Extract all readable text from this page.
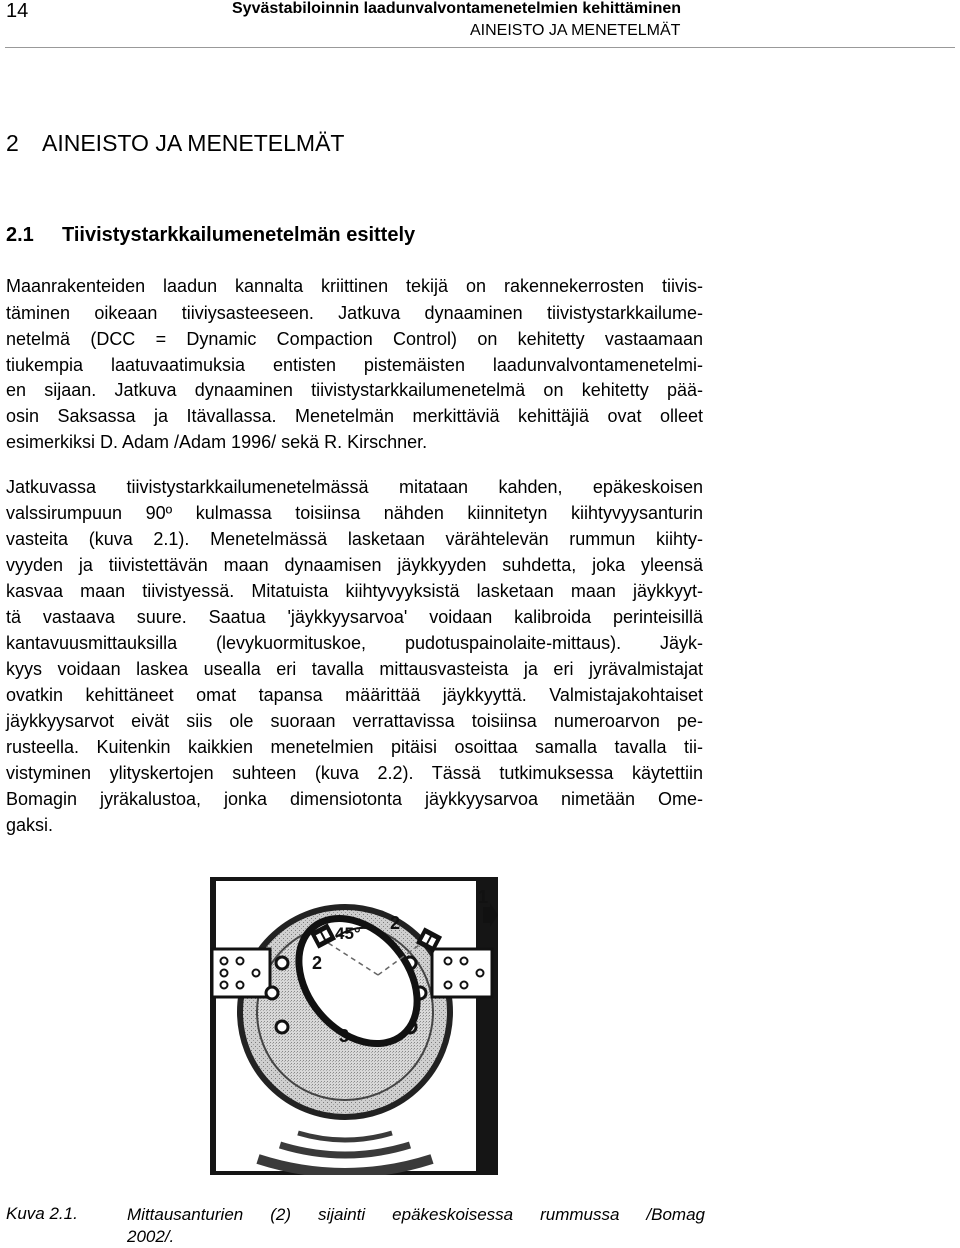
14	Syvästabiloinnin laadunvalvontamenetelmien kehittäminen
AINEISTO JA MENETELMÄT
2 AINEISTO JA MENETELMÄT
2.1 Tiivistystarkkailumenetelmän esittely
Maanrakenteiden laadun kannalta kriittinen tekijä on rakennekerrosten tiivis-
täminen oikeaan tiiviysasteeseen. Jatkuva dynaaminen tiivistystarkkailume-
netelmä (DCC = Dynamic Compaction Control) on kehitetty vastaamaan
tiukempia laatuvaatimuksia entisten pistemäisten laadunvalvontamenetelmi-
en sijaan. Jatkuva dynaaminen tiivistystarkkailumenetelmä on kehitetty pää-
osin Saksassa ja Itävallassa. Menetelmän merkittäviä kehittäjiä ovat olleet
esimerkiksi D. Adam /Adam 1996/ sekä R. Kirschner.
Jatkuvassa tiivistystarkkailumenetelmässä mitataan kahden, epäkeskoisen
valssirumpuun 90º kulmassa toisiinsa nähden kiinnitetyn kiihtyvyysanturin
vasteita (kuva 2.1). Menetelmässä lasketaan värähtelevän rummun kiihty-
vyyden ja tiivistettävän maan dynaamisen jäykkyyden suhdetta, joka yleensä
kasvaa maan tiivistyessä. Mitatuista kiihtyvyyksistä lasketaan maan jäykkyyt-
tä vastaava suure. Saatua 'jäykkyysarvoa' voidaan kalibroida perinteisillä
kantavuusmittauksilla (levykuormituskoe, pudotuspainolaite-mittaus). Jäyk-
kyys voidaan laskea usealla eri tavalla mittausvasteista ja eri jyrävalmistajat
ovatkin kehittäneet omat tapansa määrittää jäykkyyttä. Valmistajakohtaiset
jäykkyysarvot eivät siis ole suoraan verrattavissa toisiinsa numeroarvon pe-
rusteella. Kuitenkin kaikkien menetelmien pitäisi osoittaa samalla tavalla tii-
vistyminen ylityskertojen suhteen (kuva 2.2). Tässä tutkimuksessa käytettiin
Bomagin jyräkalustoa, jonka dimensiotonta jäykkyysarvoa nimetään Ome-
gaksi.
1
45°
2
2
3
Kuva 2.1.	Mittausanturien (2) sijainti epäkeskoisessa rummussa /Bomag
2002/.
